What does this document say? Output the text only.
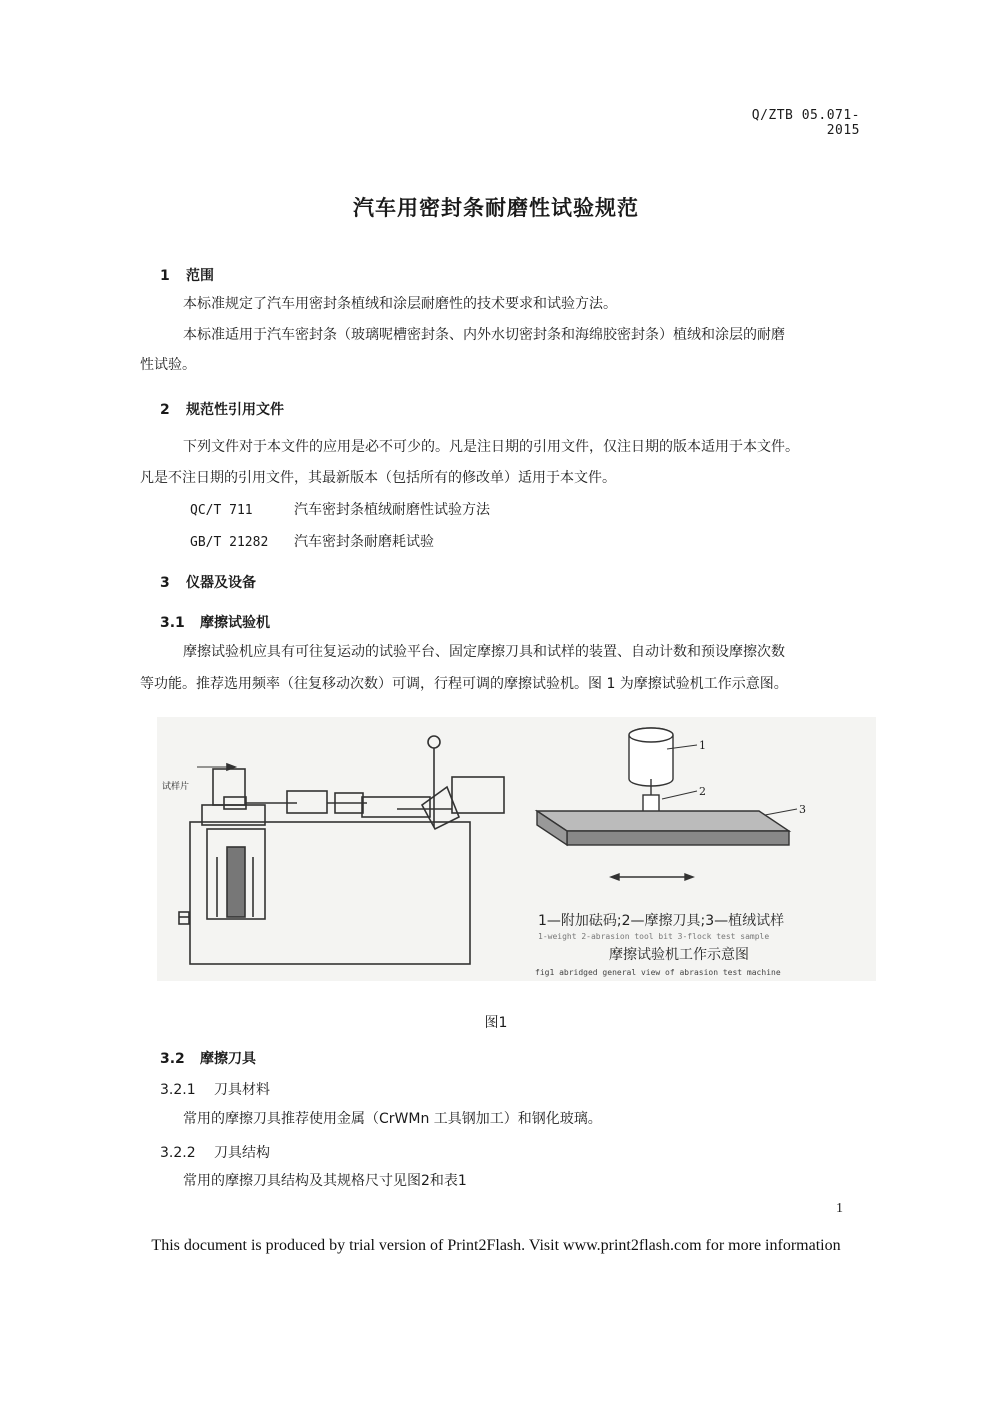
Q/ZTB 05.071-2015
汽车用密封条耐磨性试验规范
1 范围
本标准规定了汽车用密封条植绒和涂层耐磨性的技术要求和试验方法。
本标准适用于汽车密封条（玻璃呢槽密封条、内外水切密封条和海绵胶密封条）植绒和涂层的耐磨
性试验。
2 规范性引用文件
下列文件对于本文件的应用是必不可少的。凡是注日期的引用文件，仅注日期的版本适用于本文件。
凡是不注日期的引用文件，其最新版本（包括所有的修改单）适用于本文件。
QC/T 711	汽车密封条植绒耐磨性试验方法
GB/T 21282 汽车密封条耐磨耗试验
3 仪器及设备
3.1 摩擦试验机
摩擦试验机应具有可往复运动的试验平台、固定摩擦刀具和试样的装置、自动计数和预设摩擦次数
等功能。推荐选用频率（往复移动次数）可调，行程可调的摩擦试验机。图 1 为摩擦试验机工作示意图。
试样片
1
2
3
1—附加砝码;2—摩擦刀具;3—植绒试样
1-weight 2-abrasion tool bit 3-flock test sample
摩擦试验机工作示意图
fig1 abridged general view of abrasion test machine
图1
3.2 摩擦刀具
3.2.1 刀具材料
常用的摩擦刀具推荐使用金属（CrWMn 工具钢加工）和钢化玻璃。
3.2.2 刀具结构
常用的摩擦刀具结构及其规格尺寸见图2和表1
1
This document is produced by trial version of Print2Flash. Visit www.print2flash.com for more information
